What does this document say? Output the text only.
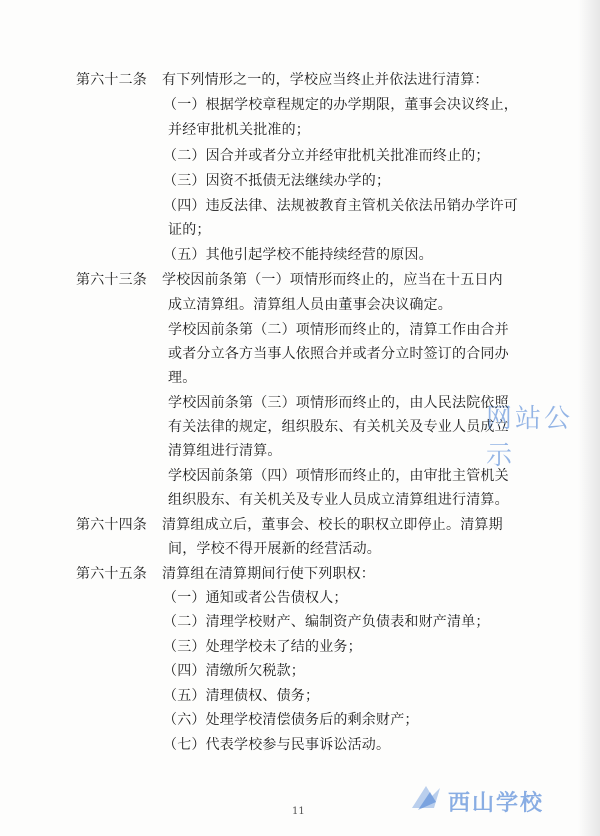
第六十二条 有下列情形之一的，学校应当终止并依法进行清算：
（一）根据学校章程规定的办学期限，董事会决议终止，
并经审批机关批准的；
（二）因合并或者分立并经审批机关批准而终止的；
（三）因资不抵债无法继续办学的；
（四）违反法律、法规被教育主管机关依法吊销办学许可
证的；
（五）其他引起学校不能持续经营的原因。
第六十三条 学校因前条第（一）项情形而终止的，应当在十五日内
成立清算组。清算组人员由董事会决议确定。
学校因前条第（二）项情形而终止的，清算工作由合并
或者分立各方当事人依照合并或者分立时签订的合同办
理。
学校因前条第（三）项情形而终止的，由人民法院依照
有关法律的规定，组织股东、有关机关及专业人员成立
清算组进行清算。
学校因前条第（四）项情形而终止的，由审批主管机关
组织股东、有关机关及专业人员成立清算组进行清算。
第六十四条 清算组成立后，董事会、校长的职权立即停止。清算期
间，学校不得开展新的经营活动。
第六十五条 清算组在清算期间行使下列职权：
（一）通知或者公告债权人；
（二）清理学校财产、编制资产负债表和财产清单；
（三）处理学校未了结的业务；
（四）清缴所欠税款；
（五）清理债权、债务；
（六）处理学校清偿债务后的剩余财产；
（七）代表学校参与民事诉讼活动。
11
网站公示
西山学校
